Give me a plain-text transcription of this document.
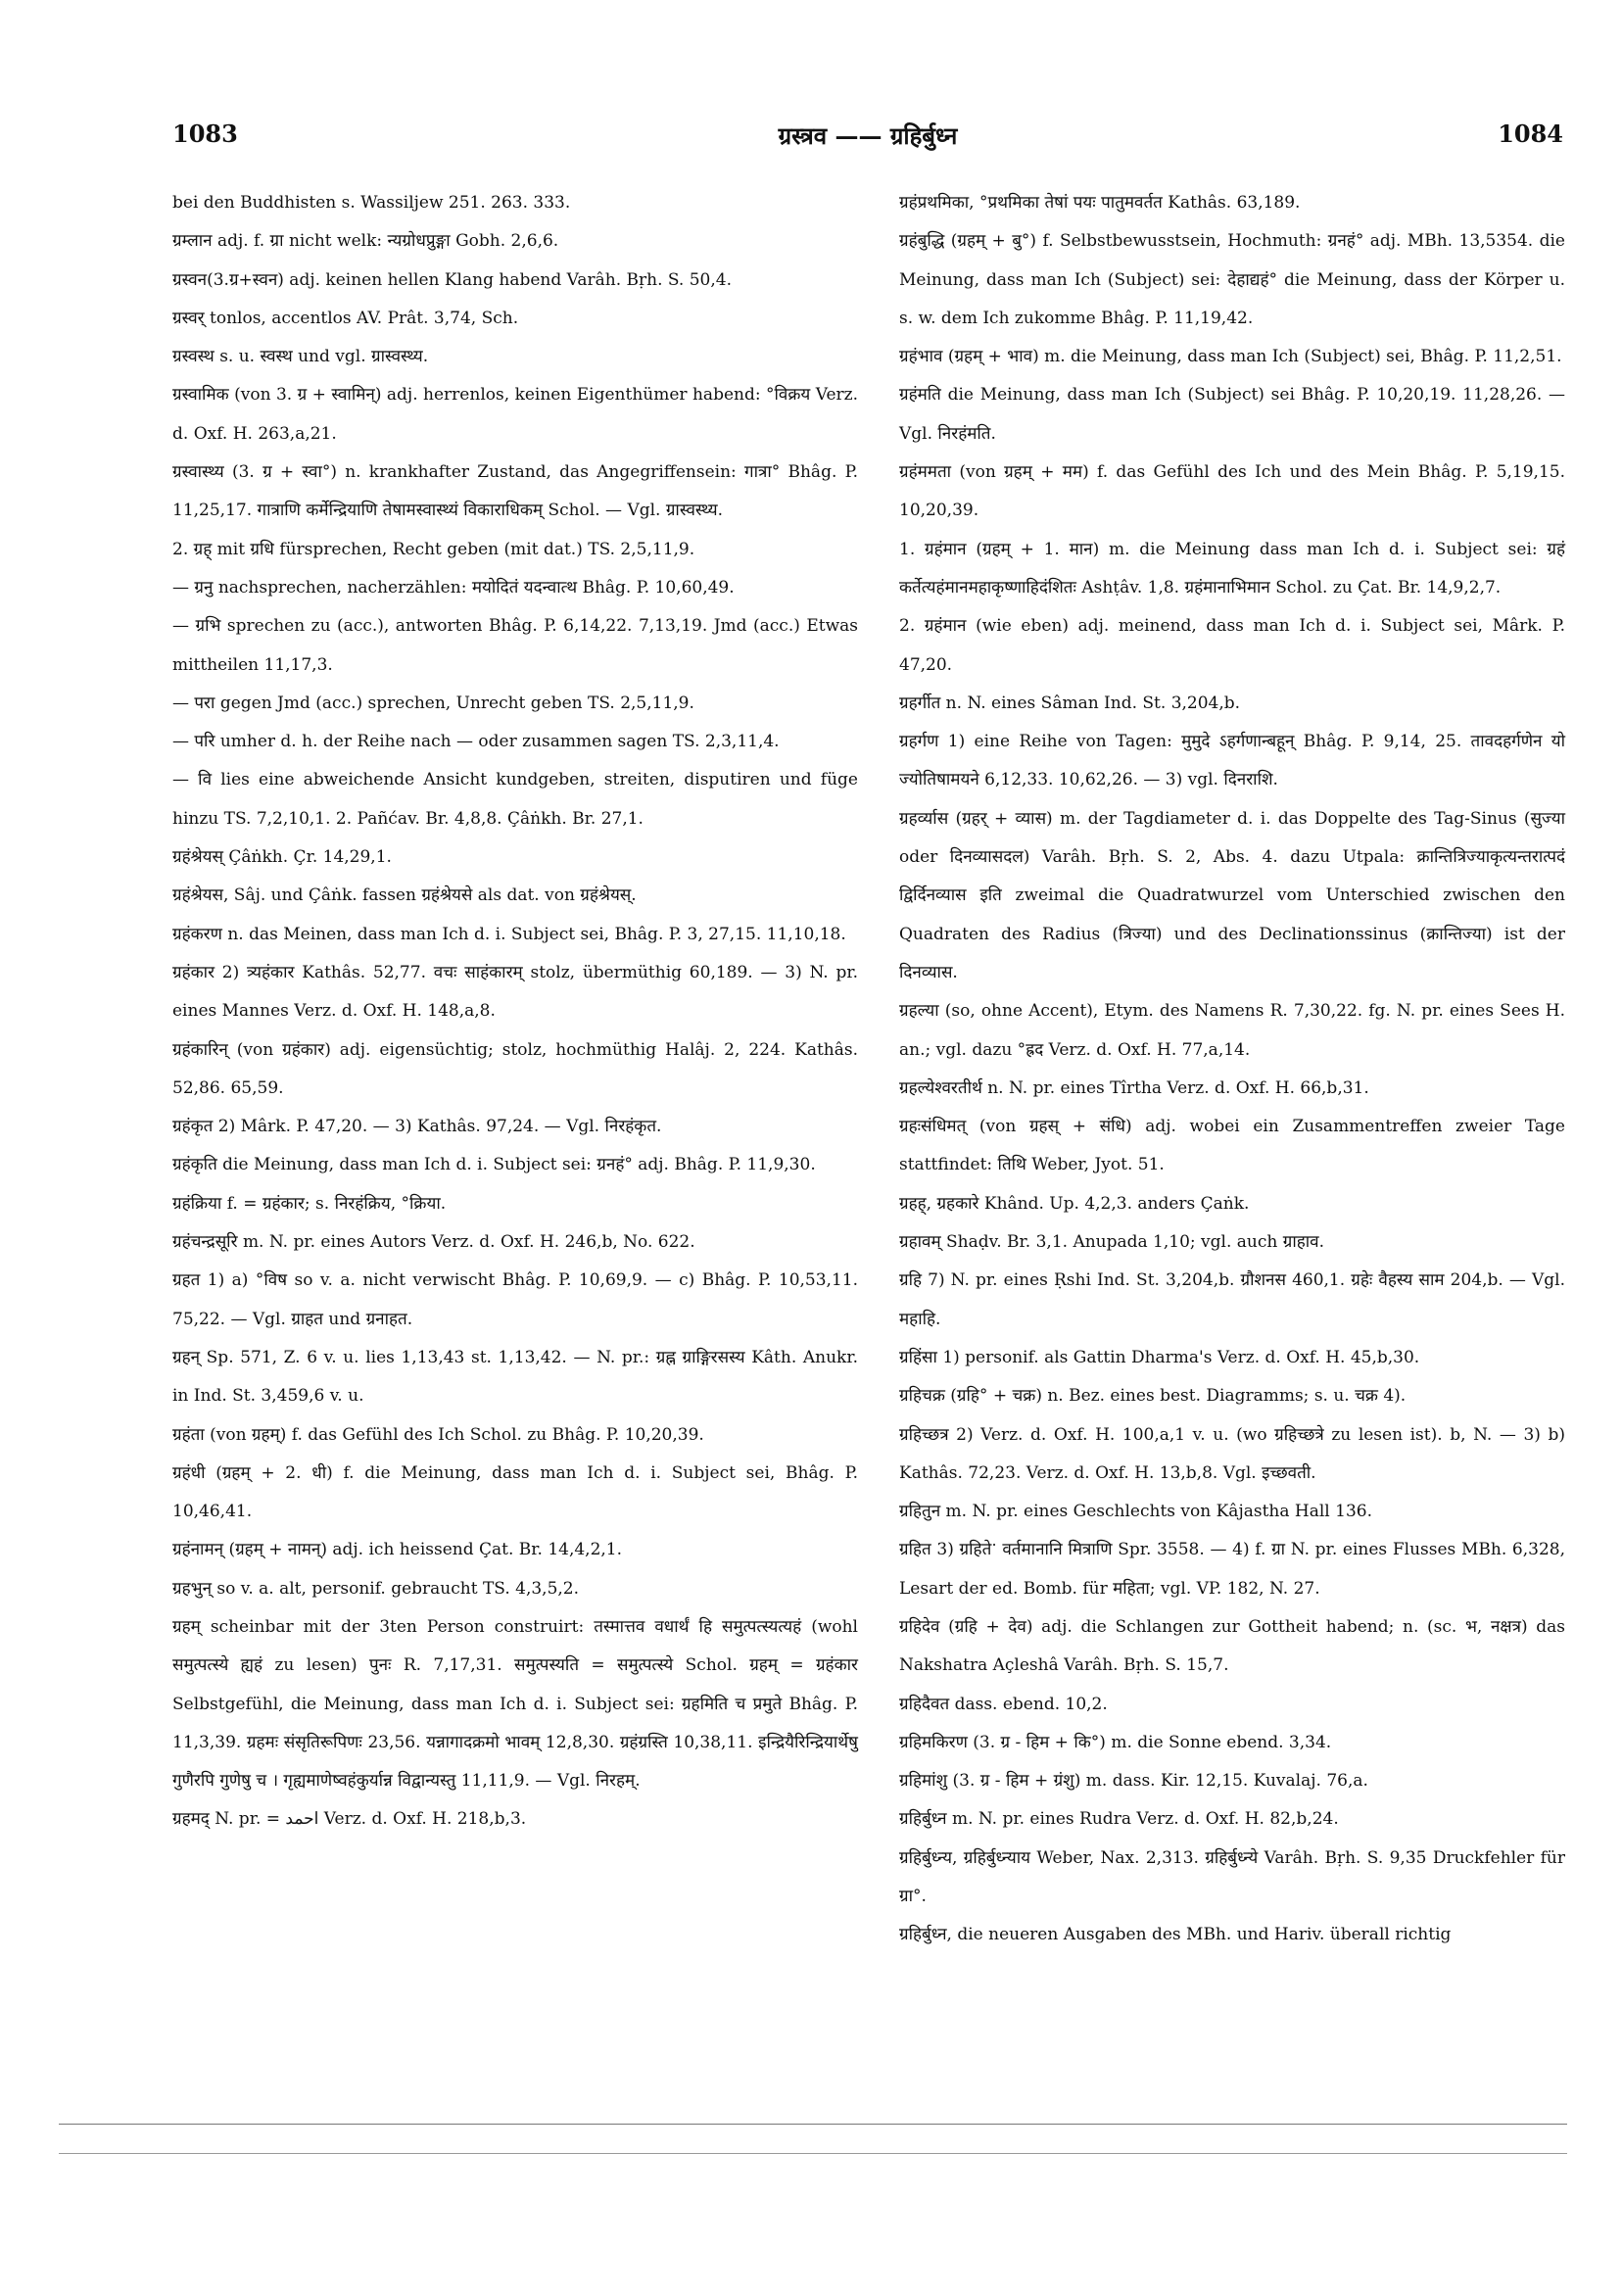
1083	ग्रस्त्रव —— ग्रहिर्बुध्न	1084

bei den Buddhisten s. Wassiljew 251. 263. 333.

ग्रम्लान adj. f. ग्रा nicht welk: न्यग्रोधप्रुङ्गा Gobh. 2,6,6.

ग्रस्वन(3.ग्र+स्वन) adj. keinen hellen Klang habend Varâh. Bṛh. S. 50,4.

ग्रस्वर् tonlos, accentlos AV. Prât. 3,74, Sch.

ग्रस्वस्थ s. u. स्वस्थ und vgl. ग्रास्वस्थ्य.

ग्रस्वामिक (von 3. ग्र + स्वामिन्) adj. herrenlos, keinen Eigenthümer habend: °विक्रय Verz. d. Oxf. H. 263,a,21.

ग्रस्वास्थ्य (3. ग्र + स्वा°) n. krankhafter Zustand, das Angegriffensein: गात्रा° Bhâg. P. 11,25,17. गात्राणि कर्मेन्द्रियाणि तेषामस्वास्थ्यं विकाराधिकम् Schol. — Vgl. ग्रास्वस्थ्य.

2. ग्रह् mit ग्रधि fürsprechen, Recht geben (mit dat.) TS. 2,5,11,9.

— ग्रनु nachsprechen, nacherzählen: मयोदितं यदन्वात्थ Bhâg. P. 10,60,49.

— ग्रभि sprechen zu (acc.), antworten Bhâg. P. 6,14,22. 7,13,19. Jmd (acc.) Etwas mittheilen 11,17,3.

— परा gegen Jmd (acc.) sprechen, Unrecht geben TS. 2,5,11,9.

— परि umher d. h. der Reihe nach — oder zusammen sagen TS. 2,3,11,4.

— वि lies eine abweichende Ansicht kundgeben, streiten, disputiren und füge hinzu TS. 7,2,10,1. 2. Pañćav. Br. 4,8,8. Çâṅkh. Br. 27,1.

ग्रहंश्रेयस् Çâṅkh. Çr. 14,29,1.

ग्रहंश्रेयस, Sâj. und Çâṅk. fassen ग्रहंश्रेयसे als dat. von ग्रहंश्रेयस्.

ग्रहंकरण n. das Meinen, dass man Ich d. i. Subject sei, Bhâg. P. 3, 27,15. 11,10,18.

ग्रहंकार 2) त्र्यहंकार Kathâs. 52,77. वचः साहंकारम् stolz, übermüthig 60,189. — 3) N. pr. eines Mannes Verz. d. Oxf. H. 148,a,8.

ग्रहंकारिन् (von ग्रहंकार) adj. eigensüchtig; stolz, hochmüthig Halâj. 2, 224. Kathâs. 52,86. 65,59.

ग्रहंकृत 2) Mârk. P. 47,20. — 3) Kathâs. 97,24. — Vgl. निरहंकृत.

ग्रहंकृति die Meinung, dass man Ich d. i. Subject sei: ग्रनहं° adj. Bhâg. P. 11,9,30.

ग्रहंक्रिया f. = ग्रहंकार; s. निरहंक्रिय, °क्रिया.

ग्रहंचन्द्रसूरि m. N. pr. eines Autors Verz. d. Oxf. H. 246,b, No. 622.

ग्रहत 1) a) °विष so v. a. nicht verwischt Bhâg. P. 10,69,9. — c) Bhâg. P. 10,53,11. 75,22. — Vgl. ग्राहत und ग्रनाहत.

ग्रहन् Sp. 571, Z. 6 v. u. lies 1,13,43 st. 1,13,42. — N. pr.: ग्रह्न ग्राङ्गिरसस्य Kâth. Anukr. in Ind. St. 3,459,6 v. u.

ग्रहंता (von ग्रहम्) f. das Gefühl des Ich Schol. zu Bhâg. P. 10,20,39.

ग्रहंधी (ग्रहम् + 2. धी) f. die Meinung, dass man Ich d. i. Subject sei, Bhâg. P. 10,46,41.

ग्रहंनामन् (ग्रहम् + नामन्) adj. ich heissend Çat. Br. 14,4,2,1.

ग्रहभुन् so v. a. alt, personif. gebraucht TS. 4,3,5,2.

ग्रहम् scheinbar mit der 3ten Person construirt: तस्मात्तव वधार्थं हि समुत्पत्स्यत्यहं (wohl समुत्पत्स्ये ह्यहं zu lesen) पुनः R. 7,17,31. समुत्पस्यति = समुत्पत्स्ये Schol. ग्रहम् = ग्रहंकार Selbstgefühl, die Meinung, dass man Ich d. i. Subject sei: ग्रहमिति च प्रमुते Bhâg. P. 11,3,39. ग्रहमः संसृतिरूपिणः 23,56. यन्नागादक्रमो भावम् 12,8,30. ग्रहंग्रस्ति 10,38,11. इन्द्रियैरिन्द्रियार्थेषु गुणैरपि गुणेषु च । गृह्यमाणेष्वहंकुर्यान्न विद्वान्यस्तु 11,11,9. — Vgl. निरहम्.

ग्रहमद् N. pr. = احمد Verz. d. Oxf. H. 218,b,3.

ग्रहंप्रथमिका, °प्रथमिका तेषां पयः पातुमवर्तत Kathâs. 63,189.

ग्रहंबुद्धि (ग्रहम् + बु°) f. Selbstbewusstsein, Hochmuth: ग्रनहं° adj. MBh. 13,5354. die Meinung, dass man Ich (Subject) sei: देहाद्यहं° die Meinung, dass der Körper u. s. w. dem Ich zukomme Bhâg. P. 11,19,42.

ग्रहंभाव (ग्रहम् + भाव) m. die Meinung, dass man Ich (Subject) sei, Bhâg. P. 11,2,51.

ग्रहंमति die Meinung, dass man Ich (Subject) sei Bhâg. P. 10,20,19. 11,28,26. — Vgl. निरहंमति.

ग्रहंममता (von ग्रहम् + मम) f. das Gefühl des Ich und des Mein Bhâg. P. 5,19,15. 10,20,39.

1. ग्रहंमान (ग्रहम् + 1. मान) m. die Meinung dass man Ich d. i. Subject sei: ग्रहं कर्तेत्यहंमानमहाकृष्णाहिदंशितः Ashṭâv. 1,8. ग्रहंमानाभिमान Schol. zu Çat. Br. 14,9,2,7.

2. ग्रहंमान (wie eben) adj. meinend, dass man Ich d. i. Subject sei, Mârk. P. 47,20.

ग्रहर्गीत n. N. eines Sâman Ind. St. 3,204,b.

ग्रहर्गण 1) eine Reihe von Tagen: मुमुदे ऽहर्गणान्बहून् Bhâg. P. 9,14, 25. तावदहर्गणेन यो ज्योतिषामयने 6,12,33. 10,62,26. — 3) vgl. दिनराशि.

ग्रहर्व्यास (ग्रहर् + व्यास) m. der Tagdiameter d. i. das Doppelte des Tag-Sinus (सुज्या oder दिनव्यासदल) Varâh. Bṛh. S. 2, Abs. 4. dazu Utpala: क्रान्तित्रिज्याकृत्यन्तरात्पदं द्विर्दिनव्यास इति zweimal die Quadratwurzel vom Unterschied zwischen den Quadraten des Radius (त्रिज्या) und des Declinationssinus (क्रान्तिज्या) ist der दिनव्यास.

ग्रहल्या (so, ohne Accent), Etym. des Namens R. 7,30,22. fg. N. pr. eines Sees H. an.; vgl. dazu °ह्रद Verz. d. Oxf. H. 77,a,14.

ग्रहल्येश्वरतीर्थ n. N. pr. eines Tîrtha Verz. d. Oxf. H. 66,b,31.

ग्रहःसंधिमत् (von ग्रहस् + संधि) adj. wobei ein Zusammentreffen zweier Tage stattfindet: तिथि Weber, Jyot. 51.

ग्रहह्, ग्रहकारे Khând. Up. 4,2,3. anders Çaṅk.

ग्रहावम् Shaḍv. Br. 3,1. Anupada 1,10; vgl. auch ग्राहाव.

ग्रहि 7) N. pr. eines Ṛshi Ind. St. 3,204,b. ग्रौशनस 460,1. ग्रहेः वैहस्य साम 204,b. — Vgl. महाहि.

ग्रहिंसा 1) personif. als Gattin Dharma's Verz. d. Oxf. H. 45,b,30.

ग्रहिचक्र (ग्रहि° + चक्र) n. Bez. eines best. Diagramms; s. u. चक्र 4).

ग्रहिच्छत्र 2) Verz. d. Oxf. H. 100,a,1 v. u. (wo ग्रहिच्छत्रे zu lesen ist). b, N. — 3) b) Kathâs. 72,23. Verz. d. Oxf. H. 13,b,8. Vgl. इच्छवती.

ग्रहितुन m. N. pr. eines Geschlechts von Kâjastha Hall 136.

ग्रहित 3) ग्रहितेॱ वर्तमानानि मित्राणि Spr. 3558. — 4) f. ग्रा N. pr. eines Flusses MBh. 6,328, Lesart der ed. Bomb. für महिता; vgl. VP. 182, N. 27.

ग्रहिदेव (ग्रहि + देव) adj. die Schlangen zur Gottheit habend; n. (sc. भ, नक्षत्र) das Nakshatra Açleshâ Varâh. Bṛh. S. 15,7.

ग्रहिदैवत dass. ebend. 10,2.

ग्रहिमकिरण (3. ग्र - हिम + कि°) m. die Sonne ebend. 3,34.

ग्रहिमांशु (3. ग्र - हिम + ग्रंशु) m. dass. Kir. 12,15. Kuvalaj. 76,a.

ग्रहिर्बुध्न m. N. pr. eines Rudra Verz. d. Oxf. H. 82,b,24.

ग्रहिर्बुध्न्य, ग्रहिर्बुध्न्याय Weber, Nax. 2,313. ग्रहिर्बुध्न्ये Varâh. Bṛh. S. 9,35 Druckfehler für ग्रा°.

ग्रहिर्बुध्न, die neueren Ausgaben des MBh. und Hariv. überall richtig
